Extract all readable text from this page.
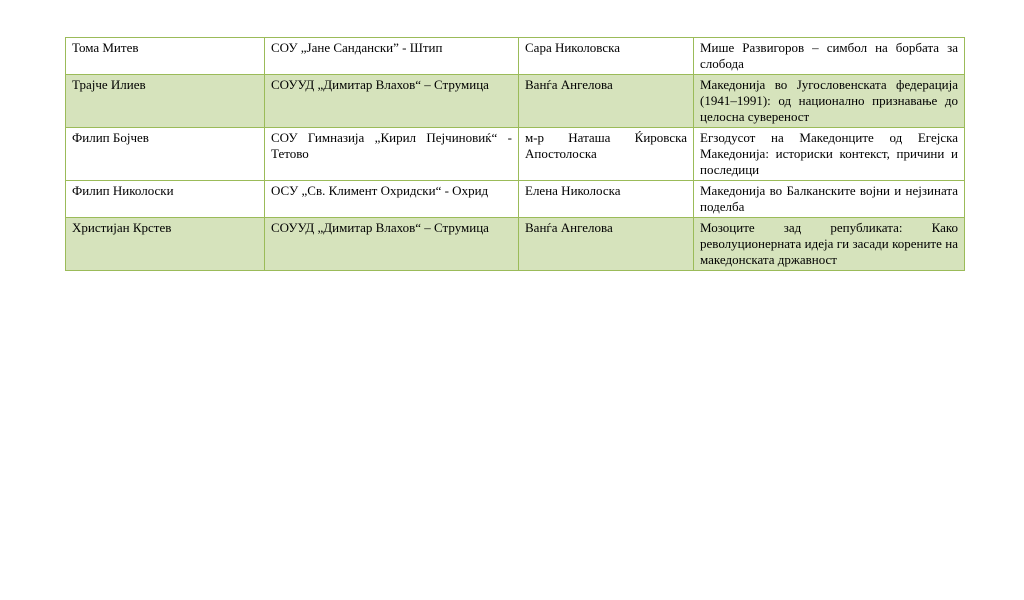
Тома Митев	СОУ „Јане Сандански” - Штип	Сара Николовска	Мише Развигоров – симбол на борбата за слобода
Трајче Илиев	СОУУД „Димитар Влахов“ – Струмица	Ванѓа Ангелова	Македонија во Југословенската федерација (1941–1991): од национално признавање до целосна сувереност
Филип Бојчев	СОУ Гимназија „Кирил Пејчиновиќ“ - Тетово	м-р Наташа Ќировска Апостолоска	Егзодусот на Македонците од Егејска Македонија: историски контекст, причини и последици
Филип Николоски	ОСУ „Св. Климент Охридски“ - Охрид	Елена Николоска	Македонија во Балканските војни и нејзината поделба
Христијан Крстев	СОУУД „Димитар Влахов“ – Струмица	Ванѓа Ангелова	Мозоците зад републиката: Како револуционерната идеја ги засади корените на македонската државност
